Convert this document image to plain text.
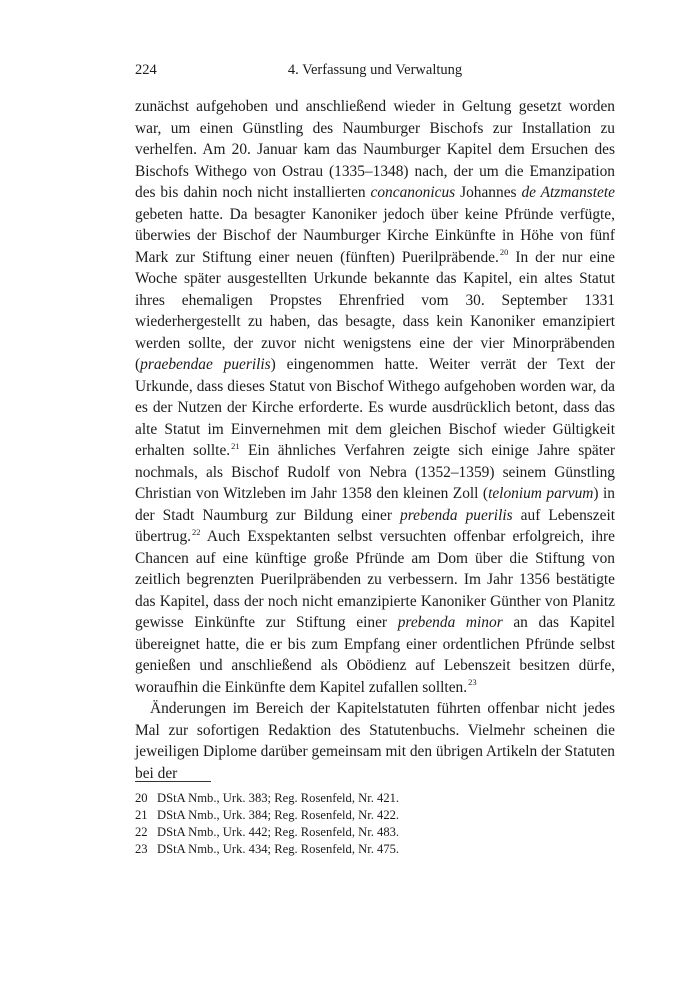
224	4. Verfassung und Verwaltung

zunächst aufgehoben und anschließend wieder in Geltung gesetzt worden war, um einen Günstling des Naumburger Bischofs zur Installation zu verhelfen. Am 20. Januar kam das Naumburger Kapitel dem Ersuchen des Bischofs Withego von Ostrau (1335–1348) nach, der um die Emanzipation des bis dahin noch nicht installierten concanonicus Johannes de Atzmanstete gebeten hatte. Da besagter Kanoniker jedoch über keine Pfründe verfügte, überwies der Bischof der Naumburger Kirche Einkünfte in Höhe von fünf Mark zur Stiftung einer neuen (fünften) Puerilpräbende.$^{20}$ In der nur eine Woche später ausgestellten Urkunde bekannte das Kapitel, ein altes Statut ihres ehemaligen Propstes Ehrenfried vom 30. September 1331 wiederhergestellt zu haben, das besagte, dass kein Kanoniker emanzipiert werden sollte, der zuvor nicht wenigstens eine der vier Minorpräbenden (praebendae puerilis) eingenommen hatte. Weiter verrät der Text der Urkunde, dass dieses Statut von Bischof Withego aufgehoben worden war, da es der Nutzen der Kirche erforderte. Es wurde ausdrücklich betont, dass das alte Statut im Einvernehmen mit dem gleichen Bischof wieder Gültigkeit erhalten sollte.$^{21}$ Ein ähnliches Verfahren zeigte sich einige Jahre später nochmals, als Bischof Rudolf von Nebra (1352–1359) seinem Günstling Christian von Witzleben im Jahr 1358 den kleinen Zoll (telonium parvum) in der Stadt Naumburg zur Bildung einer prebenda puerilis auf Lebenszeit übertrug.$^{22}$ Auch Exspektanten selbst versuchten offenbar erfolgreich, ihre Chancen auf eine künftige große Pfründe am Dom über die Stiftung von zeitlich begrenzten Puerilpräbenden zu verbessern. Im Jahr 1356 bestätigte das Kapitel, dass der noch nicht emanzipierte Kanoniker Günther von Planitz gewisse Einkünfte zur Stiftung einer prebenda minor an das Kapitel übereignet hatte, die er bis zum Empfang einer ordentlichen Pfründe selbst genießen und anschließend als Obödienz auf Lebenszeit besitzen dürfe, woraufhin die Einkünfte dem Kapitel zufallen sollten.$^{23}$

Änderungen im Bereich der Kapitelstatuten führten offenbar nicht jedes Mal zur sofortigen Redaktion des Statutenbuchs. Vielmehr scheinen die jeweiligen Diplome darüber gemeinsam mit den übrigen Artikeln der Statuten bei der

20 DStA Nmb., Urk. 383; Reg. Rosenfeld, Nr. 421.
21 DStA Nmb., Urk. 384; Reg. Rosenfeld, Nr. 422.
22 DStA Nmb., Urk. 442; Reg. Rosenfeld, Nr. 483.
23 DStA Nmb., Urk. 434; Reg. Rosenfeld, Nr. 475.
